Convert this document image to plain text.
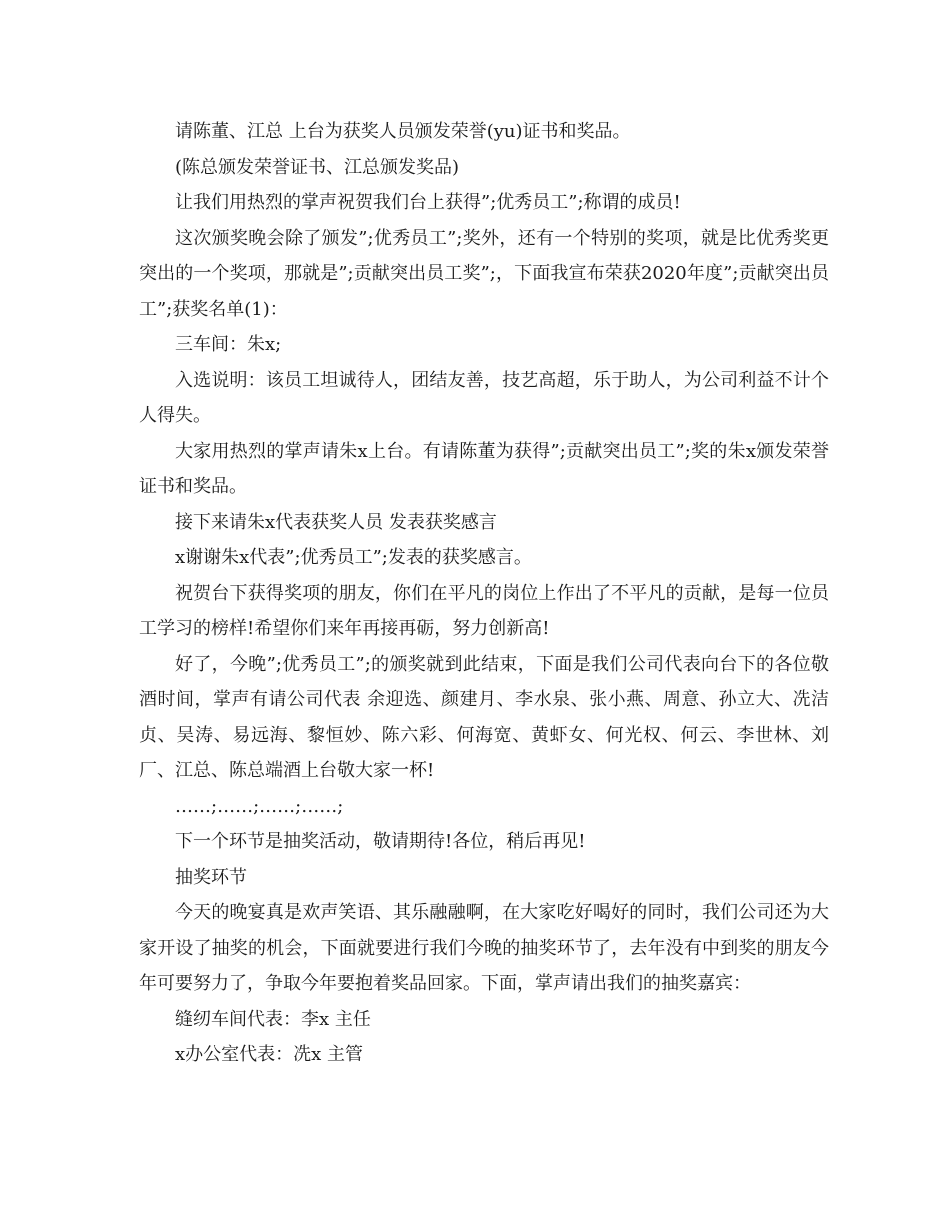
请陈董、江总 上台为获奖人员颁发荣誉(yu)证书和奖品。

(陈总颁发荣誉证书、江总颁发奖品)

让我们用热烈的掌声祝贺我们台上获得”;优秀员工”;称谓的成员!

这次颁奖晚会除了颁发”;优秀员工”;奖外，还有一个特别的奖项，就是比优秀奖更突出的一个奖项，那就是”;贡献突出员工奖”;，下面我宣布荣获2020年度”;贡献突出员工”;获奖名单(1)：

三车间：朱x;

入选说明：该员工坦诚待人，团结友善，技艺高超，乐于助人，为公司利益不计个人得失。

大家用热烈的掌声请朱x上台。有请陈董为获得”;贡献突出员工”;奖的朱x颁发荣誉证书和奖品。

接下来请朱x代表获奖人员 发表获奖感言

x谢谢朱x代表”;优秀员工”;发表的获奖感言。

祝贺台下获得奖项的朋友，你们在平凡的岗位上作出了不平凡的贡献，是每一位员工学习的榜样!希望你们来年再接再砺，努力创新高!

好了，今晚”;优秀员工”;的颁奖就到此结束，下面是我们公司代表向台下的各位敬酒时间，掌声有请公司代表 余迎选、颜建月、李水泉、张小燕、周意、孙立大、冼洁贞、吴涛、易远海、黎恒妙、陈六彩、何海宽、黄虾女、何光权、何云、李世林、刘厂、江总、陈总端酒上台敬大家一杯!

……;……;……;……;

下一个环节是抽奖活动，敬请期待!各位，稍后再见!

抽奖环节

今天的晚宴真是欢声笑语、其乐融融啊，在大家吃好喝好的同时，我们公司还为大家开设了抽奖的机会，下面就要进行我们今晚的抽奖环节了，去年没有中到奖的朋友今年可要努力了，争取今年要抱着奖品回家。下面，掌声请出我们的抽奖嘉宾：

缝纫车间代表：李x 主任

x办公室代表：冼x 主管
